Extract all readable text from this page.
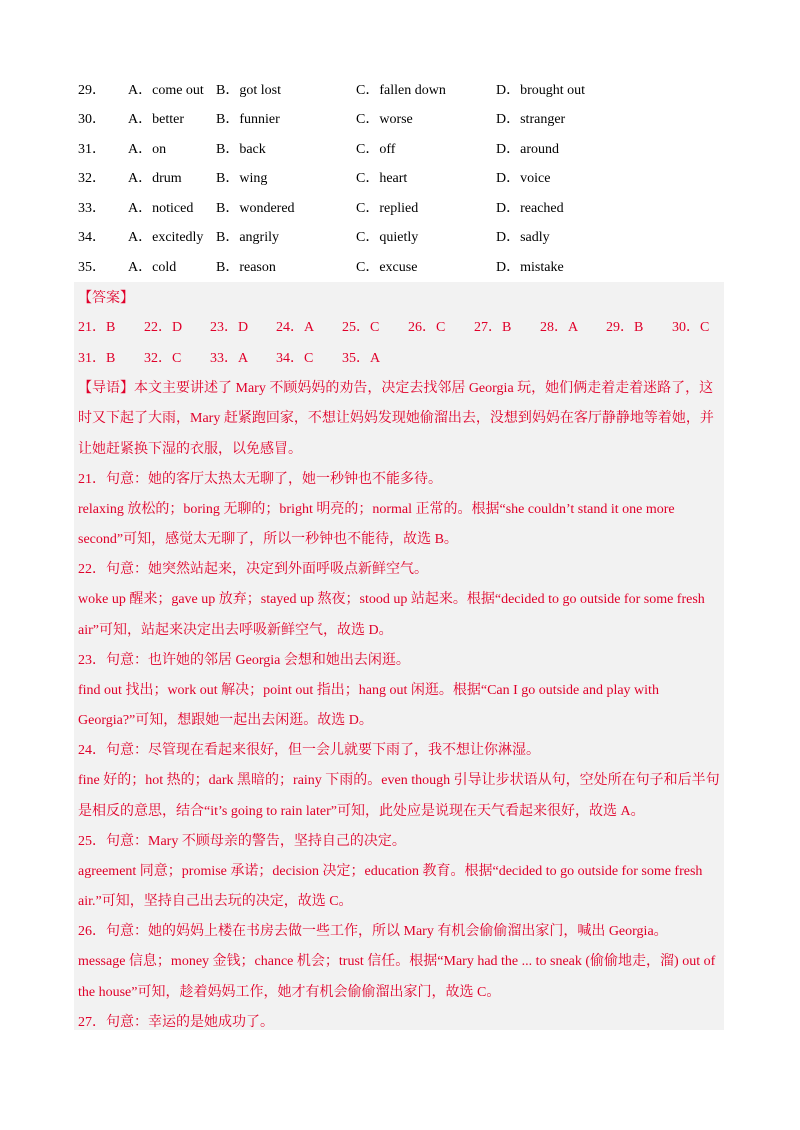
29．	A．come out B．got lost	C．fallen down	D．brought out
30．	A．better	B．funnier	C．worse	D．stranger
31．	A．on	B．back	C．off	D．around
32．	A．drum	B．wing	C．heart	D．voice
33．	A．noticed	B．wondered	C．replied	D．reached
34．	A．excitedly B．angrily	C．quietly	D．sadly
35．	A．cold	B．reason	C．excuse	D．mistake
【答案】
21．B	22．D	23．D	24．A	25．C	26．C	27．B	28．A	29．B	30．C
31．B	32．C	33．A	34．C	35．A
【导语】本文主要讲述了 Mary 不顾妈妈的劝告，决定去找邻居 Georgia 玩，她们俩走着走着迷路了，这
时又下起了大雨，Mary 赶紧跑回家，不想让妈妈发现她偷溜出去，没想到妈妈在客厅静静地等着她，并
让她赶紧换下湿的衣服，以免感冒。
21．句意：她的客厅太热太无聊了，她一秒钟也不能多待。
relaxing 放松的；boring 无聊的；bright 明亮的；normal 正常的。根据“she couldn’t stand it one more
second”可知，感觉太无聊了，所以一秒钟也不能待，故选 B。
22．句意：她突然站起来，决定到外面呼吸点新鲜空气。
woke up 醒来；gave up 放弃；stayed up 熬夜；stood up 站起来。根据“decided to go outside for some fresh
air”可知，站起来决定出去呼吸新鲜空气，故选 D。
23．句意：也许她的邻居 Georgia 会想和她出去闲逛。
find out 找出；work out 解决；point out 指出；hang out 闲逛。根据“Can I go outside and play with
Georgia?”可知，想跟她一起出去闲逛。故选 D。
24．句意：尽管现在看起来很好，但一会儿就要下雨了，我不想让你淋湿。
fine 好的；hot 热的；dark 黑暗的；rainy 下雨的。even though 引导让步状语从句，空处所在句子和后半句
是相反的意思，结合“it’s going to rain later”可知，此处应是说现在天气看起来很好，故选 A。
25．句意：Mary 不顾母亲的警告，坚持自己的决定。
agreement 同意；promise 承诺；decision 决定；education 教育。根据“decided to go outside for some fresh
air.”可知，坚持自己出去玩的决定，故选 C。
26．句意：她的妈妈上楼在书房去做一些工作，所以 Mary 有机会偷偷溜出家门，喊出 Georgia。
message 信息；money 金钱；chance 机会；trust 信任。根据“Mary had the ... to sneak (偷偷地走，溜) out of
the house”可知，趁着妈妈工作，她才有机会偷偷溜出家门，故选 C。
27．句意：幸运的是她成功了。
